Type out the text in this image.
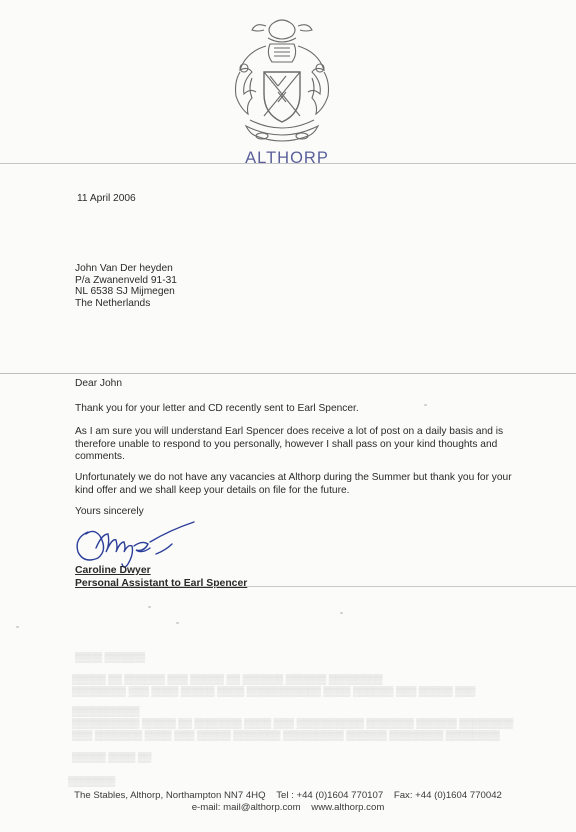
ALTHORP
11 April 2006
John Van Der heyden
P/a Zwanenveld 91-31
NL 6538 SJ Mijmegen
The Netherlands
Dear John
Thank you for your letter and CD recently sent to Earl Spencer.
As I am sure you will understand Earl Spencer does receive a lot of post on a daily basis and is therefore unable to respond to you personally, however I shall pass on your kind thoughts and comments.
Unfortunately we do not have any vacancies at Althorp during the Summer but thank you for your kind offer and we shall keep your details on file for the future.
Yours sincerely
Caroline Dwyer
Personal Assistant to Earl Spencer
▒▒▒▒ ▒▒▒▒▒▒
▒▒▒▒▒ ▒▒ ▒▒▒▒▒▒ ▒▒▒ ▒▒▒▒▒ ▒▒ ▒▒▒▒▒▒ ▒▒▒▒▒▒ ▒▒▒▒▒▒▒▒
▒▒▒▒▒▒▒▒ ▒▒▒ ▒▒▒▒ ▒▒▒▒▒ ▒▒▒▒ ▒▒▒▒▒▒▒▒▒▒▒ ▒▒▒▒ ▒▒▒▒▒▒ ▒▒▒ ▒▒▒▒▒ ▒▒▒
▒▒▒▒▒▒▒▒▒▒
▒▒▒▒▒▒▒▒▒▒ ▒▒▒▒▒ ▒▒ ▒▒▒▒▒▒▒ ▒▒▒▒ ▒▒▒ ▒▒▒▒▒▒▒▒▒▒ ▒▒▒▒▒▒▒ ▒▒▒▒▒▒ ▒▒▒▒▒▒▒▒
▒▒▒ ▒▒▒▒▒▒▒ ▒▒▒▒ ▒▒▒ ▒▒▒▒▒ ▒▒▒▒▒▒▒ ▒▒▒▒▒▒▒▒▒ ▒▒▒▒▒▒ ▒▒▒▒▒▒▒▒ ▒▒▒▒▒▒▒▒
▒▒▒▒▒ ▒▒▒▒ ▒▒
▒▒▒▒▒▒▒
The Stables, Althorp, Northampton NN7 4HQ Tel : +44 (0)1604 770107 Fax: +44 (0)1604 770042
e-mail: mail@althorp.com www.althorp.com
